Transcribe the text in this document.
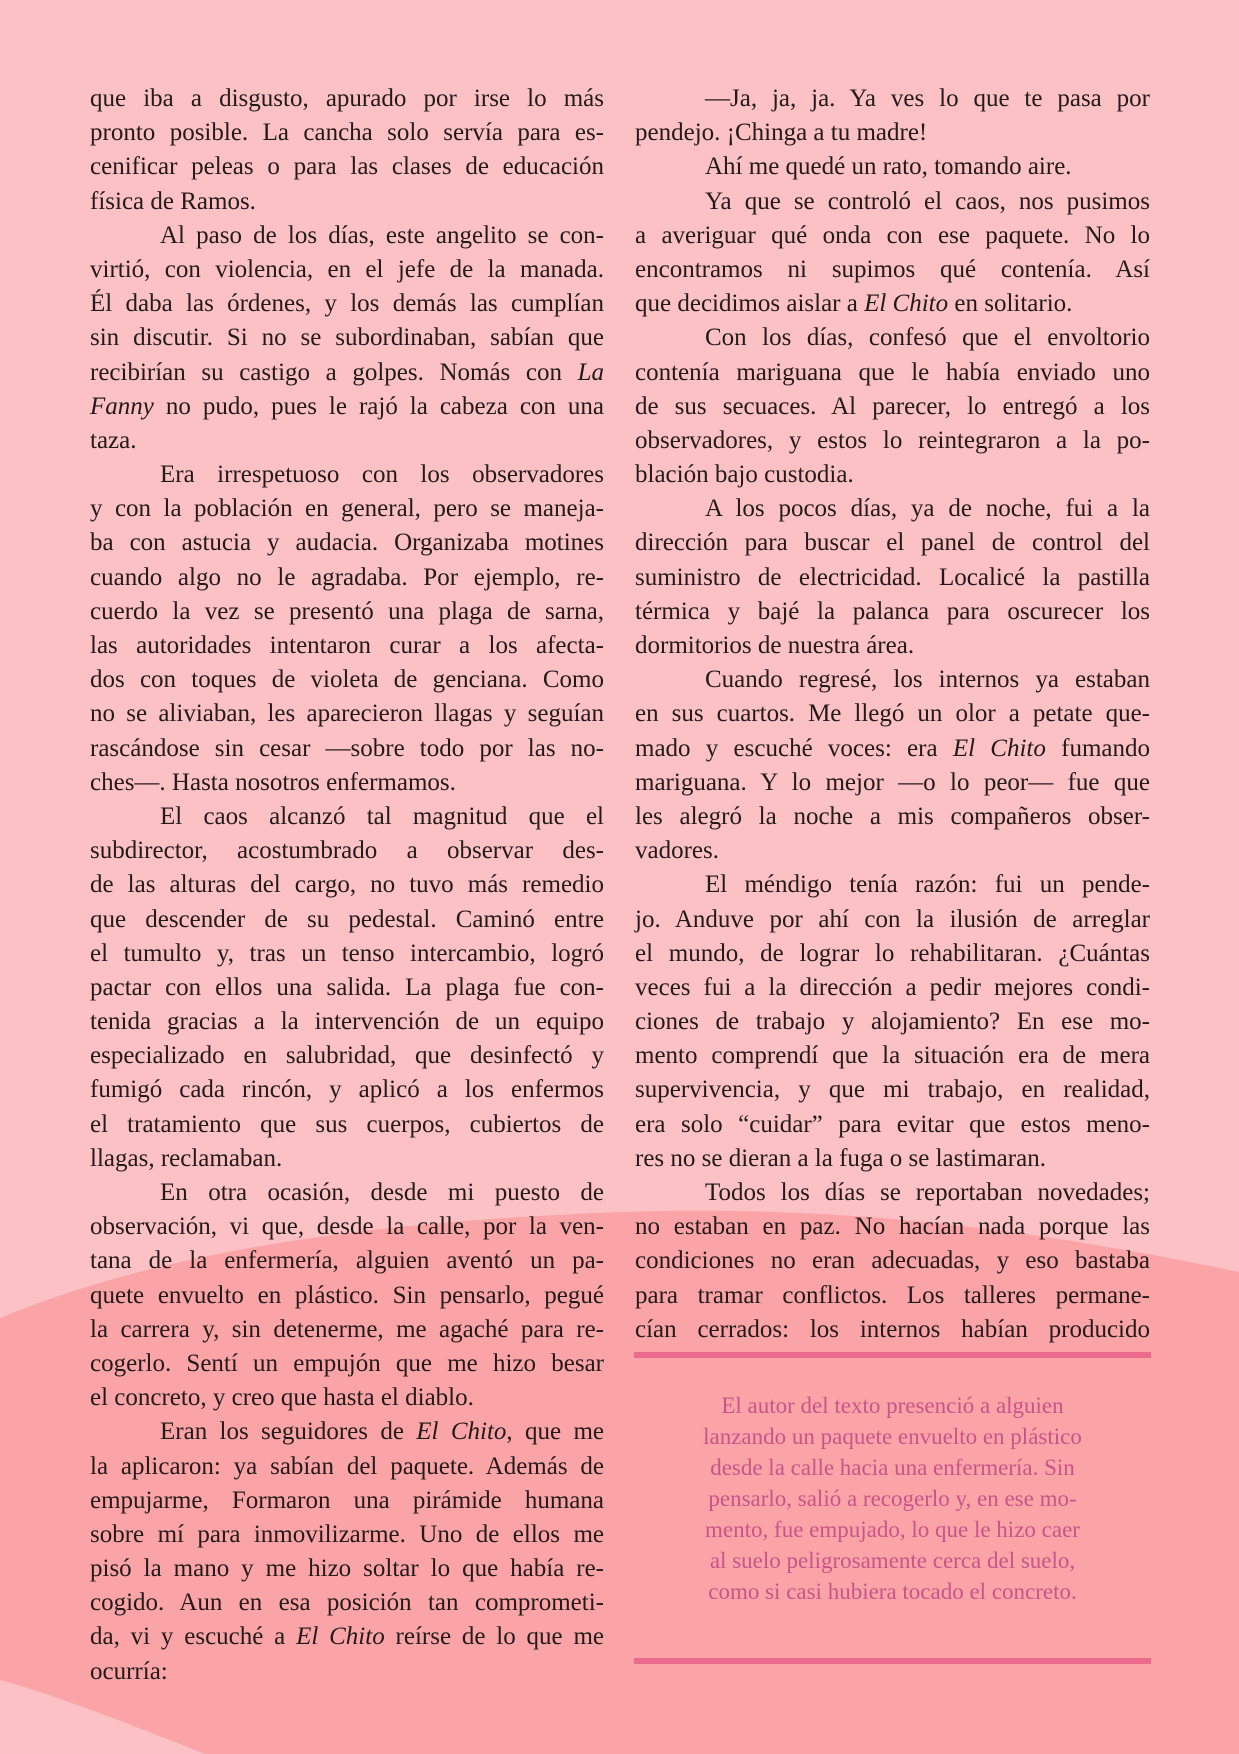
que iba a disgusto, apurado por irse lo más
pronto posible. La cancha solo servía para es-
cenificar peleas o para las clases de educación
física de Ramos.
Al paso de los días, este angelito se con-
virtió, con violencia, en el jefe de la manada.
Él daba las órdenes, y los demás las cumplían
sin discutir. Si no se subordinaban, sabían que
recibirían su castigo a golpes. Nomás con La
Fanny no pudo, pues le rajó la cabeza con una
taza.
Era irrespetuoso con los observadores
y con la población en general, pero se maneja-
ba con astucia y audacia. Organizaba motines
cuando algo no le agradaba. Por ejemplo, re-
cuerdo la vez se presentó una plaga de sarna,
las autoridades intentaron curar a los afecta-
dos con toques de violeta de genciana. Como
no se aliviaban, les aparecieron llagas y seguían
rascándose sin cesar —sobre todo por las no-
ches—. Hasta nosotros enfermamos.
El caos alcanzó tal magnitud que el
subdirector, acostumbrado a observar des-
de las alturas del cargo, no tuvo más remedio
que descender de su pedestal. Caminó entre
el tumulto y, tras un tenso intercambio, logró
pactar con ellos una salida. La plaga fue con-
tenida gracias a la intervención de un equipo
especializado en salubridad, que desinfectó y
fumigó cada rincón, y aplicó a los enfermos
el tratamiento que sus cuerpos, cubiertos de
llagas, reclamaban.
En otra ocasión, desde mi puesto de
observación, vi que, desde la calle, por la ven-
tana de la enfermería, alguien aventó un pa-
quete envuelto en plástico. Sin pensarlo, pegué
la carrera y, sin detenerme, me agaché para re-
cogerlo. Sentí un empujón que me hizo besar
el concreto, y creo que hasta el diablo.
Eran los seguidores de El Chito, que me
la aplicaron: ya sabían del paquete. Además de
empujarme, Formaron una pirámide humana
sobre mí para inmovilizarme. Uno de ellos me
pisó la mano y me hizo soltar lo que había re-
cogido. Aun en esa posición tan comprometi-
da, vi y escuché a El Chito reírse de lo que me
ocurría:
—Ja, ja, ja. Ya ves lo que te pasa por
pendejo. ¡Chinga a tu madre!
Ahí me quedé un rato, tomando aire.
Ya que se controló el caos, nos pusimos
a averiguar qué onda con ese paquete. No lo
encontramos ni supimos qué contenía. Así
que decidimos aislar a El Chito en solitario.
Con los días, confesó que el envoltorio
contenía mariguana que le había enviado uno
de sus secuaces. Al parecer, lo entregó a los
observadores, y estos lo reintegraron a la po-
blación bajo custodia.
A los pocos días, ya de noche, fui a la
dirección para buscar el panel de control del
suministro de electricidad. Localicé la pastilla
térmica y bajé la palanca para oscurecer los
dormitorios de nuestra área.
Cuando regresé, los internos ya estaban
en sus cuartos. Me llegó un olor a petate que-
mado y escuché voces: era El Chito fumando
mariguana. Y lo mejor —o lo peor— fue que
les alegró la noche a mis compañeros obser-
vadores.
El méndigo tenía razón: fui un pende-
jo. Anduve por ahí con la ilusión de arreglar
el mundo, de lograr lo rehabilitaran. ¿Cuántas
veces fui a la dirección a pedir mejores condi-
ciones de trabajo y alojamiento? En ese mo-
mento comprendí que la situación era de mera
supervivencia, y que mi trabajo, en realidad,
era solo “cuidar” para evitar que estos meno-
res no se dieran a la fuga o se lastimaran.
Todos los días se reportaban novedades;
no estaban en paz. No hacían nada porque las
condiciones no eran adecuadas, y eso bastaba
para tramar conflictos. Los talleres permane-
cían cerrados: los internos habían producido
El autor del texto presenció a alguien
lanzando un paquete envuelto en plástico
desde la calle hacia una enfermería. Sin
pensarlo, salió a recogerlo y, en ese mo-
mento, fue empujado, lo que le hizo caer
al suelo peligrosamente cerca del suelo,
como si casi hubiera tocado el concreto.
